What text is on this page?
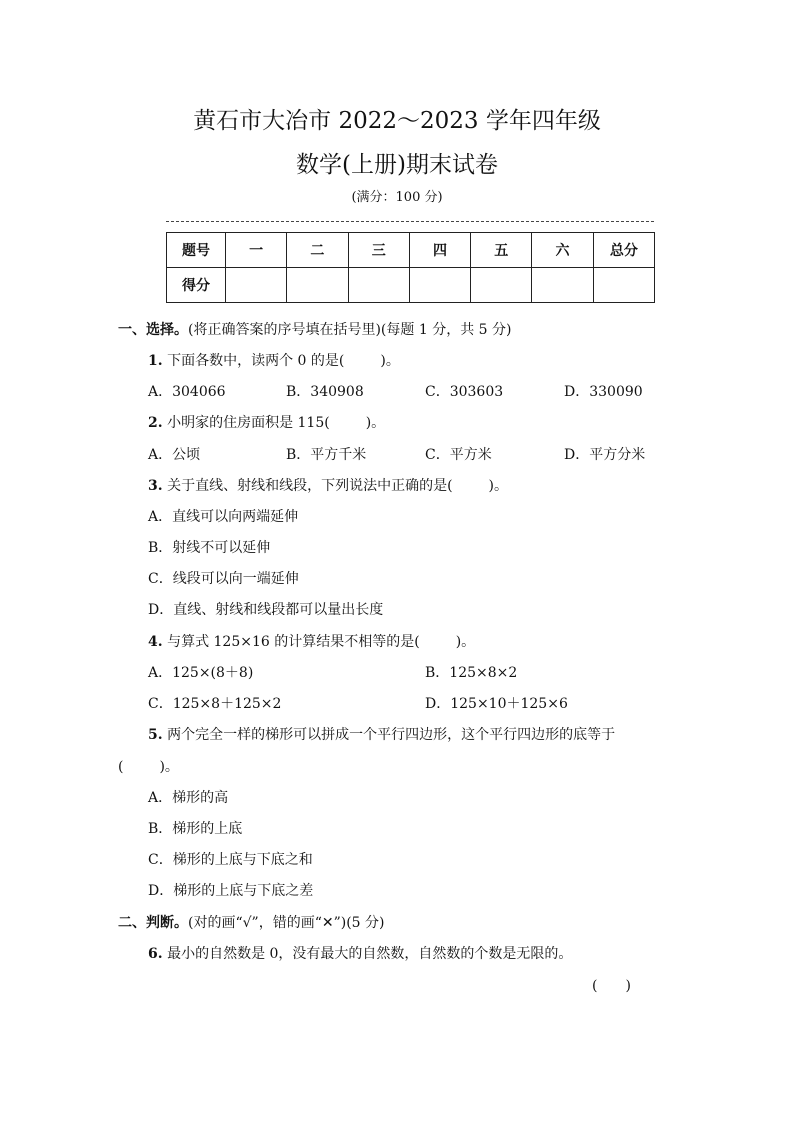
黄石市大冶市 2022～2023 学年四年级
数学(上册)期末试卷
(满分：100 分)
题号	一	二	三	四	五	六	总分
得分							
一、选择。(将正确答案的序号填在括号里)(每题 1 分，共 5 分)
1. 下面各数中，读两个 0 的是(	)。
A．304066	B．340908	C．303603	D．330090
2. 小明家的住房面积是 115(	)。
A．公顷	B．平方千米	C．平方米	D．平方分米
3. 关于直线、射线和线段，下列说法中正确的是(	)。
A．直线可以向两端延伸
B．射线不可以延伸
C．线段可以向一端延伸
D．直线、射线和线段都可以量出长度
4. 与算式 125×16 的计算结果不相等的是(	)。
A．125×(8＋8)	B．125×8×2
C．125×8＋125×2	D．125×10＋125×6
5. 两个完全一样的梯形可以拼成一个平行四边形，这个平行四边形的底等于
(	)。
A．梯形的高
B．梯形的上底
C．梯形的上底与下底之和
D．梯形的上底与下底之差
二、判断。(对的画“√”，错的画“✕”)(5 分)
6. 最小的自然数是 0，没有最大的自然数，自然数的个数是无限的。
(　　)
